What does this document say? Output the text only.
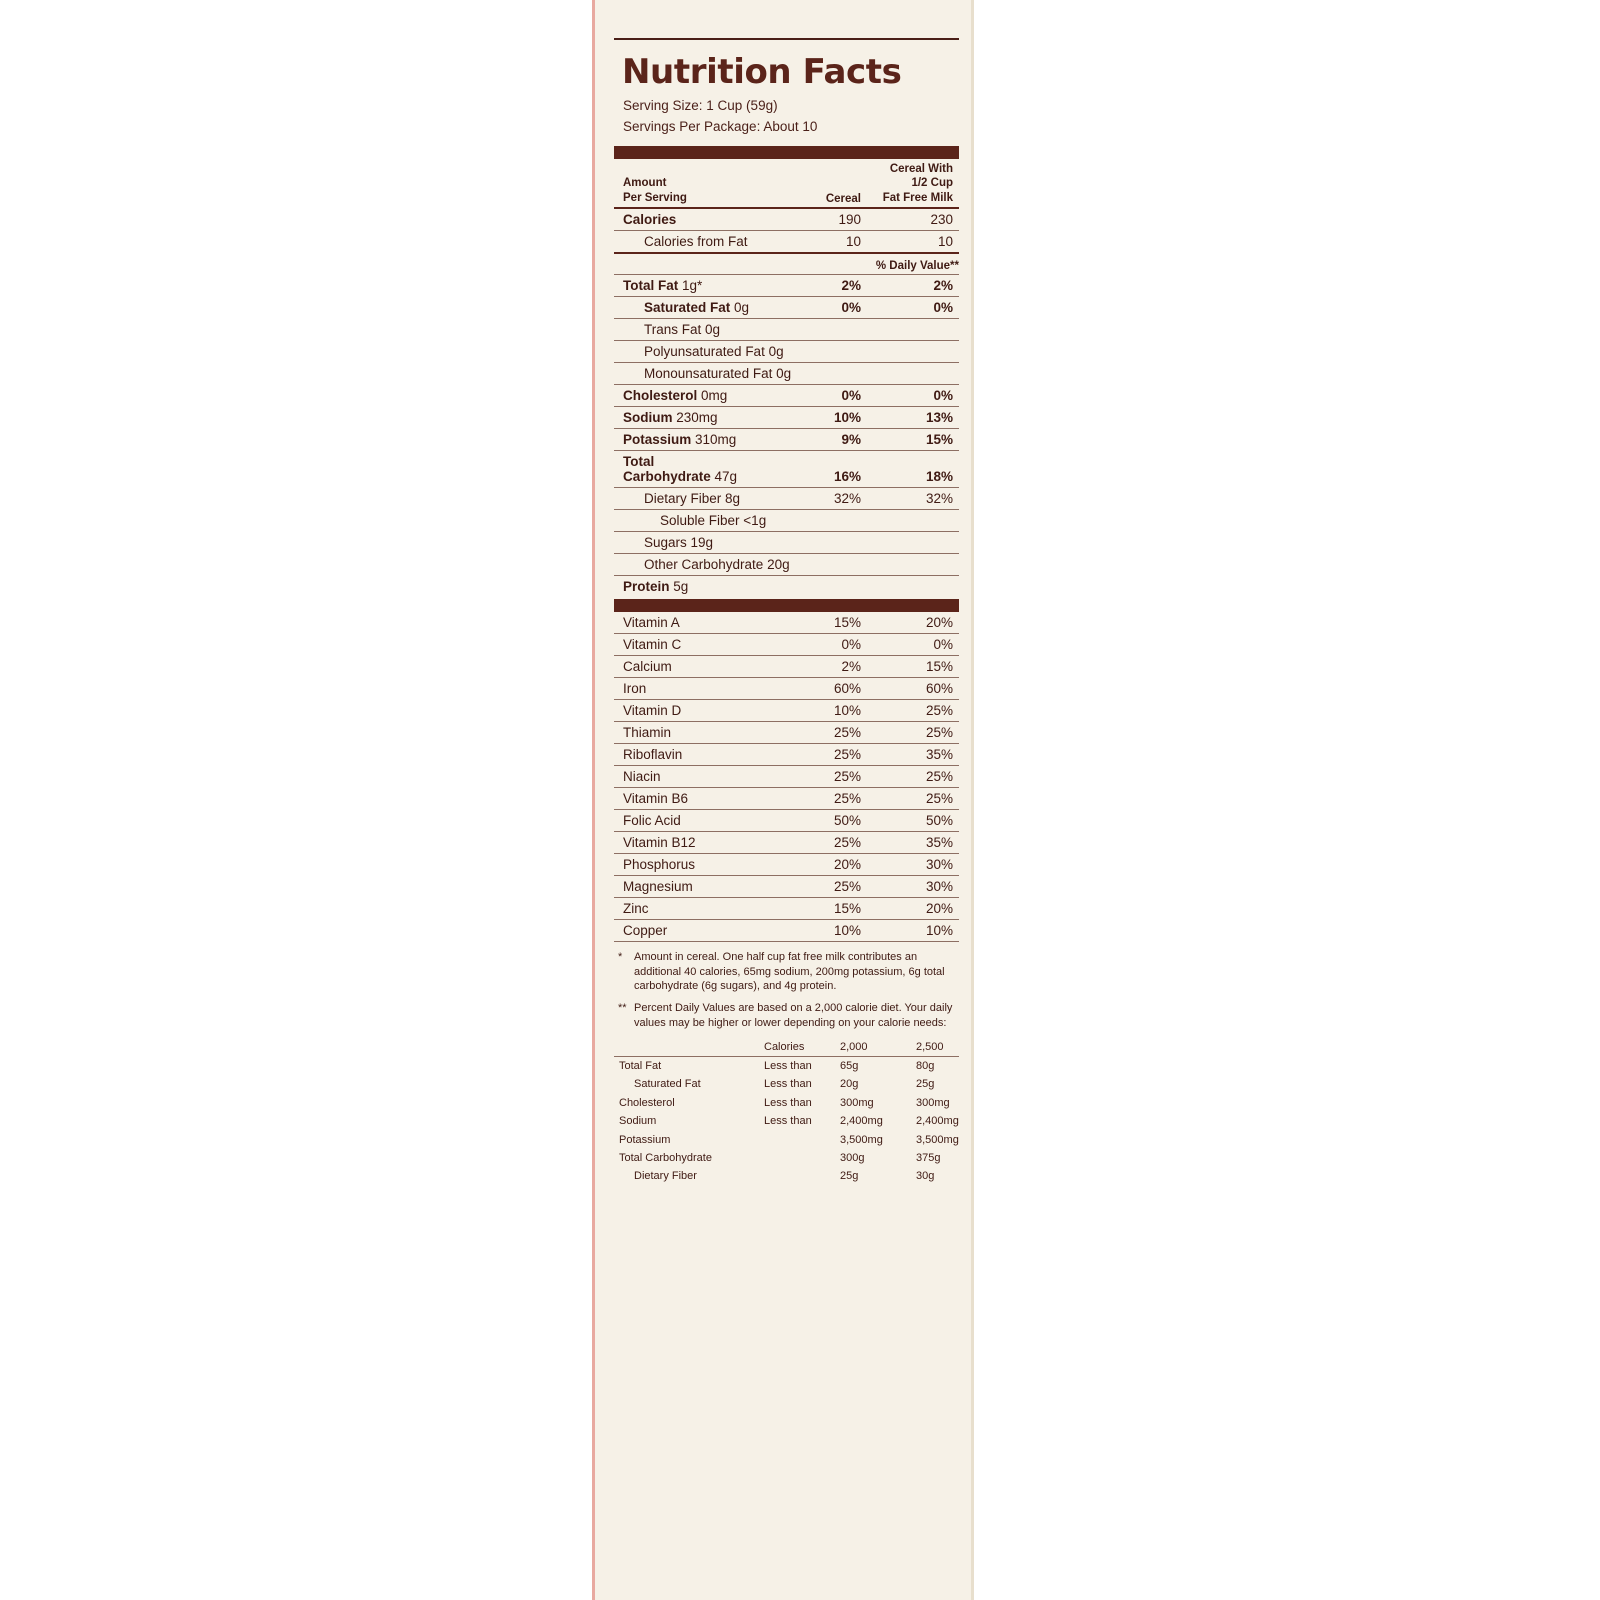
Nutrition Facts
Serving Size: 1 Cup (59g)
Servings Per Package: About 10
Amount
Per Serving	Cereal	Cereal With
1/2 Cup
Fat Free Milk
Calories	190	230
Calories from Fat	10	10
	% Daily Value**	
Total Fat 1g*	2%	2%
Saturated Fat 0g	0%	0%
Trans Fat 0g		
Polyunsaturated Fat 0g		
Monounsaturated Fat 0g		
Cholesterol 0mg	0%	0%
Sodium 230mg	10%	13%
Potassium 310mg	9%	15%
Total
Carbohydrate 47g	16%	18%
Dietary Fiber 8g	32%	32%
Soluble Fiber <1g		
Sugars 19g		
Other Carbohydrate 20g		
Protein 5g		
Vitamin A	15%	20%
Vitamin C	0%	0%
Calcium	2%	15%
Iron	60%	60%
Vitamin D	10%	25%
Thiamin	25%	25%
Riboflavin	25%	35%
Niacin	25%	25%
Vitamin B6	25%	25%
Folic Acid	50%	50%
Vitamin B12	25%	35%
Phosphorus	20%	30%
Magnesium	25%	30%
Zinc	15%	20%
Copper	10%	10%
*	Amount in cereal. One half cup fat free milk contributes an additional 40 calories, 65mg sodium, 200mg potassium, 6g total carbohydrate (6g sugars), and 4g protein.
** Percent Daily Values are based on a 2,000 calorie diet. Your daily values may be higher or lower depending on your calorie needs:
	Calories	2,000	2,500
Total Fat	Less than	65g	80g
Saturated Fat	Less than	20g	25g
Cholesterol	Less than	300mg	300mg
Sodium	Less than	2,400mg	2,400mg
Potassium		3,500mg	3,500mg
Total Carbohydrate		300g	375g
Dietary Fiber		25g	30g
